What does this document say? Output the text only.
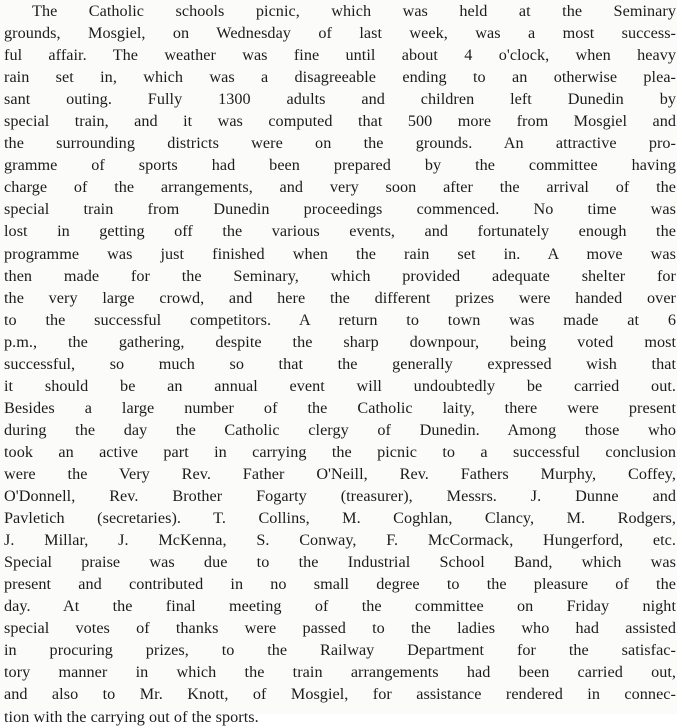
The Catholic schools picnic, which was held at the Seminary
grounds, Mosgiel, on Wednesday of last week, was a most success-
ful affair. The weather was fine until about 4 o'clock, when heavy
rain set in, which was a disagreeable ending to an otherwise plea-
sant outing. Fully 1300 adults and children left Dunedin by
special train, and it was computed that 500 more from Mosgiel and
the surrounding districts were on the grounds. An attractive pro-
gramme of sports had been prepared by the committee having
charge of the arrangements, and very soon after the arrival of the
special train from Dunedin proceedings commenced. No time was
lost in getting off the various events, and fortunately enough the
programme was just finished when the rain set in. A move was
then made for the Seminary, which provided adequate shelter for
the very large crowd, and here the different prizes were handed over
to the successful competitors. A return to town was made at 6
p.m., the gathering, despite the sharp downpour, being voted most
successful, so much so that the generally expressed wish that
it should be an annual event will undoubtedly be carried out.
Besides a large number of the Catholic laity, there were present
during the day the Catholic clergy of Dunedin. Among those who
took an active part in carrying the picnic to a successful conclusion
were the Very Rev. Father O'Neill, Rev. Fathers Murphy, Coffey,
O'Donnell, Rev. Brother Fogarty (treasurer), Messrs. J. Dunne and
Pavletich (secretaries). T. Collins, M. Coghlan, Clancy, M. Rodgers,
J. Millar, J. McKenna, S. Conway, F. McCormack, Hungerford, etc.
Special praise was due to the Industrial School Band, which was
present and contributed in no small degree to the pleasure of the
day. At the final meeting of the committee on Friday night
special votes of thanks were passed to the ladies who had assisted
in procuring prizes, to the Railway Department for the satisfac-
tory manner in which the train arrangements had been carried out,
and also to Mr. Knott, of Mosgiel, for assistance rendered in connec-
tion with the carrying out of the sports.
